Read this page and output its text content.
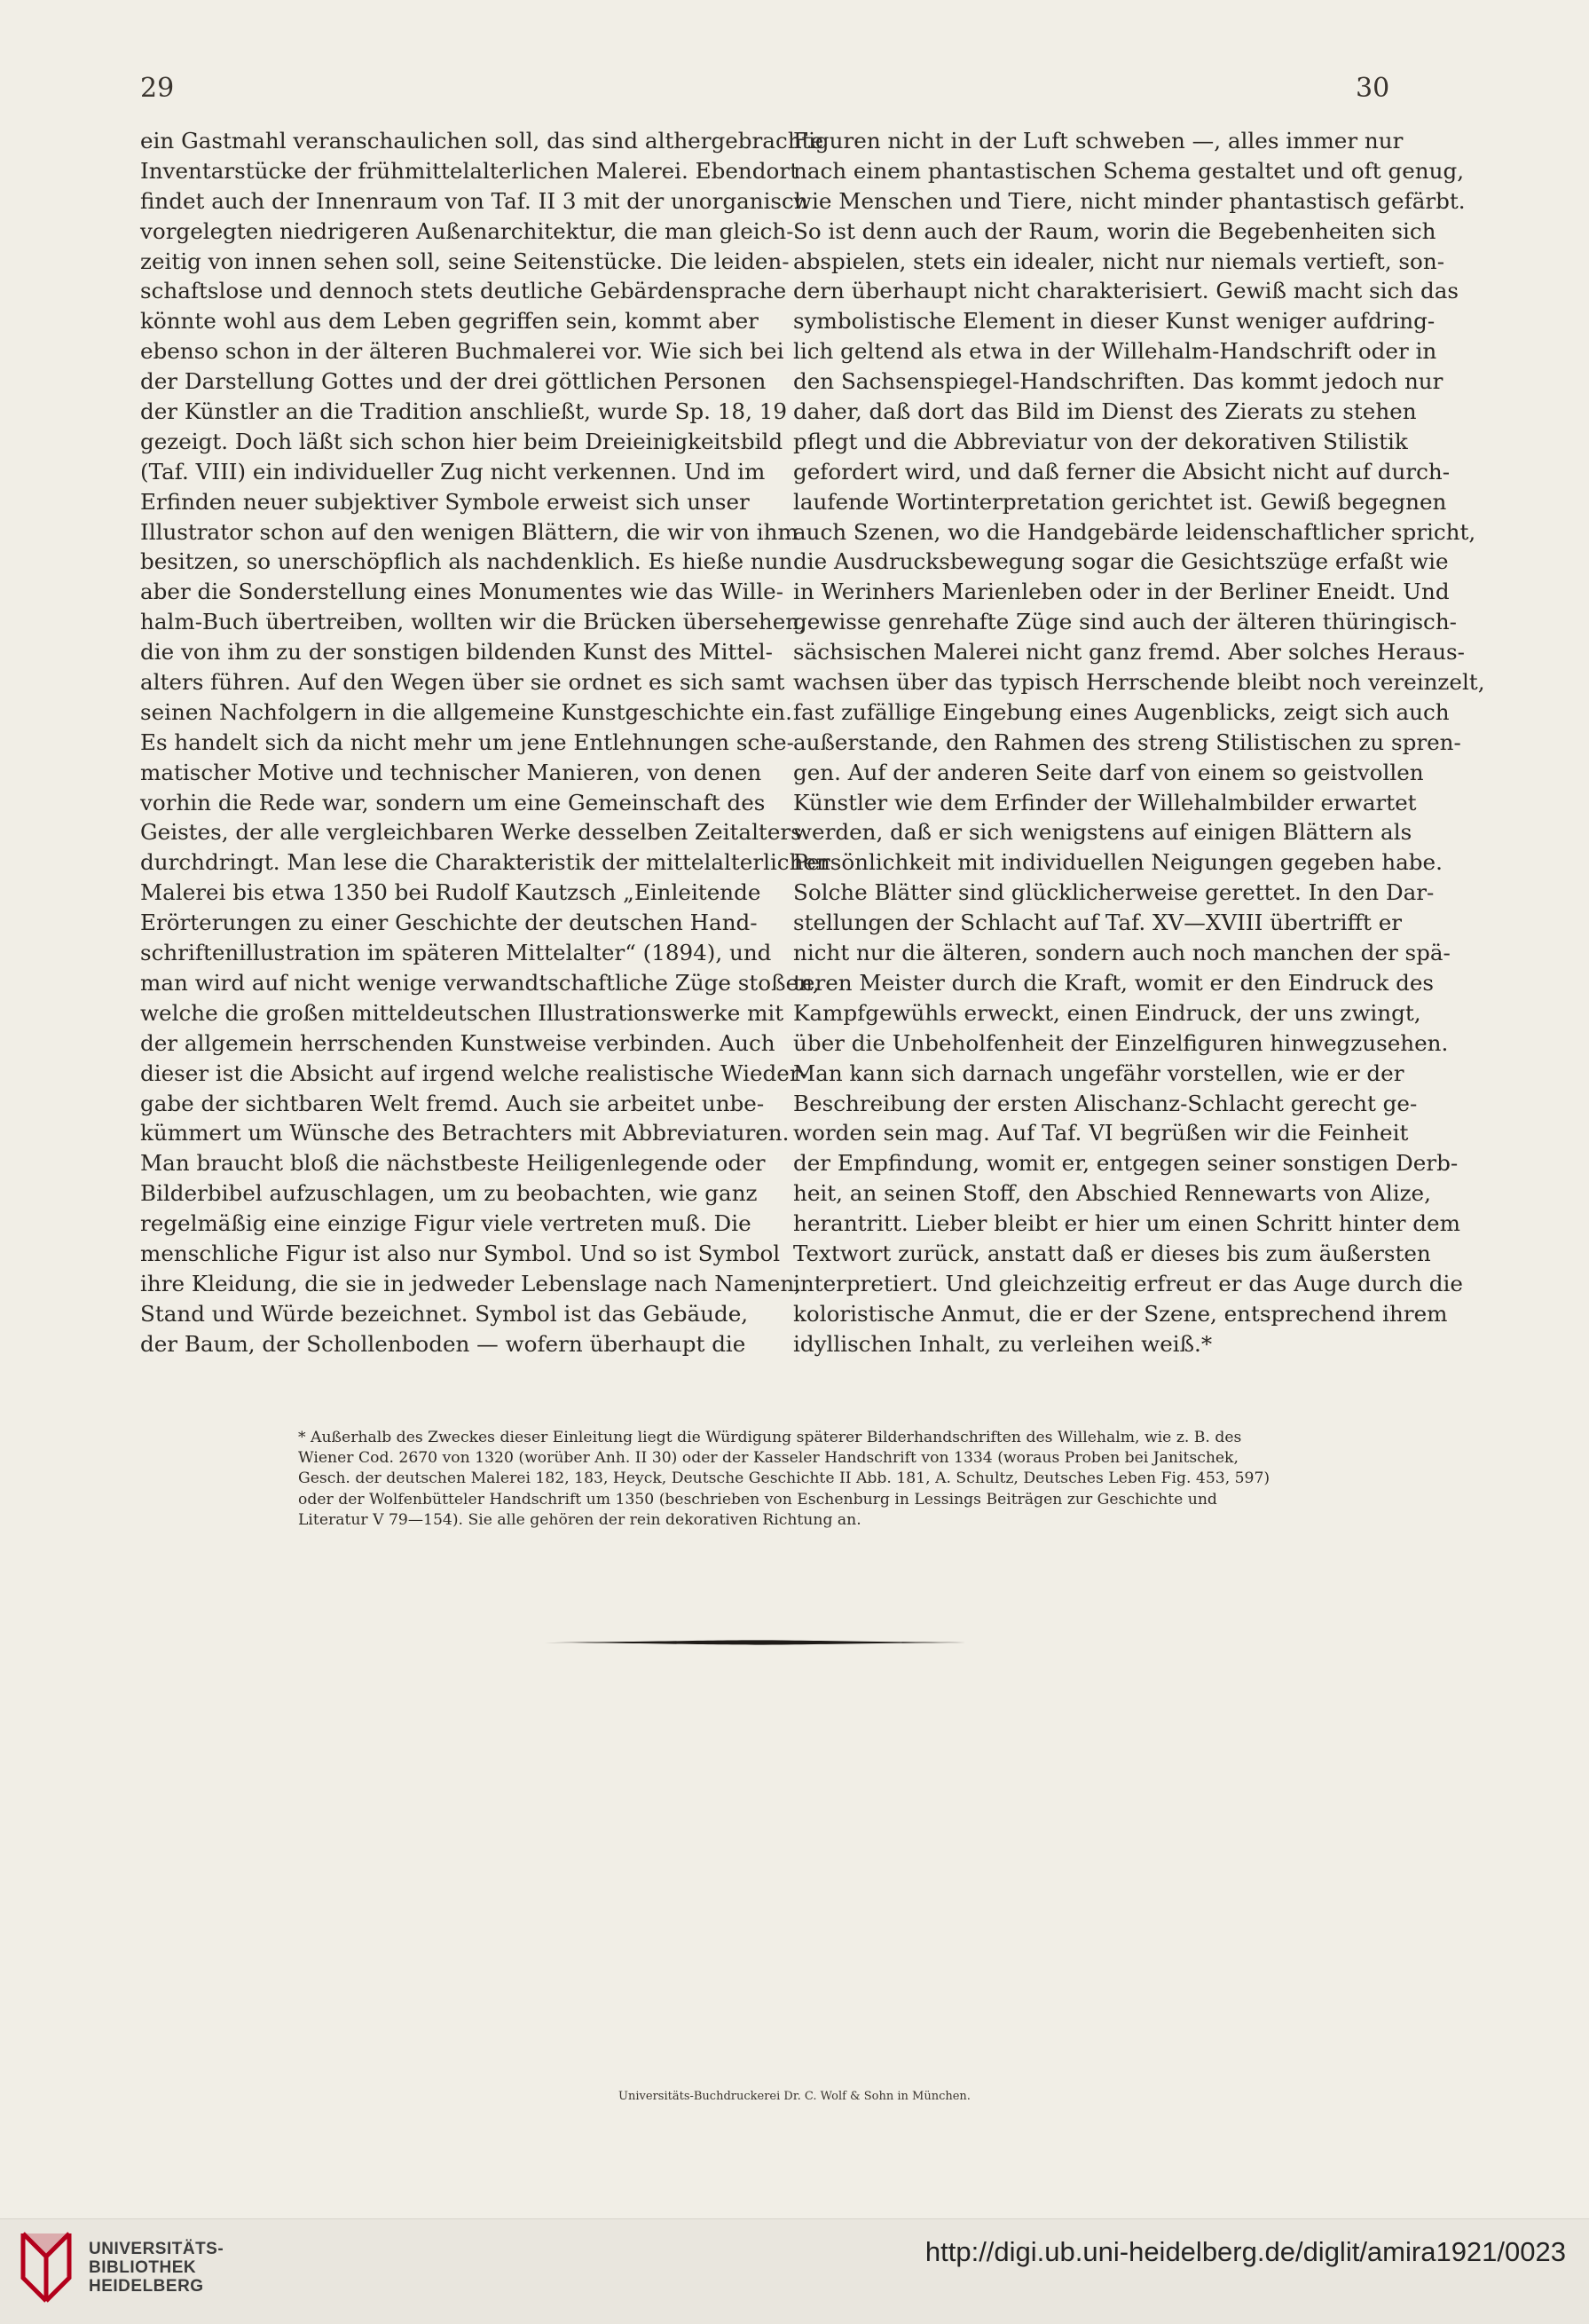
29	30
ein Gastmahl veranschaulichen soll, das sind althergebrachte
Inventarstücke der frühmittelalterlichen Malerei. Ebendort
findet auch der Innenraum von Taf. II 3 mit der unorganisch
vorgelegten niedrigeren Außenarchitektur, die man gleich-
zeitig von innen sehen soll, seine Seitenstücke. Die leiden-
schaftslose und dennoch stets deutliche Gebärdensprache
könnte wohl aus dem Leben gegriffen sein, kommt aber
ebenso schon in der älteren Buchmalerei vor. Wie sich bei
der Darstellung Gottes und der drei göttlichen Personen
der Künstler an die Tradition anschließt, wurde Sp. 18, 19
gezeigt. Doch läßt sich schon hier beim Dreieinigkeitsbild
(Taf. VIII) ein individueller Zug nicht verkennen. Und im
Erfinden neuer subjektiver Symbole erweist sich unser
Illustrator schon auf den wenigen Blättern, die wir von ihm
besitzen, so unerschöpflich als nachdenklich. Es hieße nun
aber die Sonderstellung eines Monumentes wie das Wille-
halm-Buch übertreiben, wollten wir die Brücken übersehen,
die von ihm zu der sonstigen bildenden Kunst des Mittel-
alters führen. Auf den Wegen über sie ordnet es sich samt
seinen Nachfolgern in die allgemeine Kunstgeschichte ein.
Es handelt sich da nicht mehr um jene Entlehnungen sche-
matischer Motive und technischer Manieren, von denen
vorhin die Rede war, sondern um eine Gemeinschaft des
Geistes, der alle vergleichbaren Werke desselben Zeitalters
durchdringt. Man lese die Charakteristik der mittelalterlichen
Malerei bis etwa 1350 bei Rudolf Kautzsch „Einleitende
Erörterungen zu einer Geschichte der deutschen Hand-
schriftenillustration im späteren Mittelalter“ (1894), und
man wird auf nicht wenige verwandtschaftliche Züge stoßen,
welche die großen mitteldeutschen Illustrationswerke mit
der allgemein herrschenden Kunstweise verbinden. Auch
dieser ist die Absicht auf irgend welche realistische Wieder-
gabe der sichtbaren Welt fremd. Auch sie arbeitet unbe-
kümmert um Wünsche des Betrachters mit Abbreviaturen.
Man braucht bloß die nächstbeste Heiligenlegende oder
Bilderbibel aufzuschlagen, um zu beobachten, wie ganz
regelmäßig eine einzige Figur viele vertreten muß. Die
menschliche Figur ist also nur Symbol. Und so ist Symbol
ihre Kleidung, die sie in jedweder Lebenslage nach Namen,
Stand und Würde bezeichnet. Symbol ist das Gebäude,
der Baum, der Schollenboden — wofern überhaupt die
Figuren nicht in der Luft schweben —, alles immer nur
nach einem phantastischen Schema gestaltet und oft genug,
wie Menschen und Tiere, nicht minder phantastisch gefärbt.
So ist denn auch der Raum, worin die Begebenheiten sich
abspielen, stets ein idealer, nicht nur niemals vertieft, son-
dern überhaupt nicht charakterisiert. Gewiß macht sich das
symbolistische Element in dieser Kunst weniger aufdring-
lich geltend als etwa in der Willehalm-Handschrift oder in
den Sachsenspiegel-Handschriften. Das kommt jedoch nur
daher, daß dort das Bild im Dienst des Zierats zu stehen
pflegt und die Abbreviatur von der dekorativen Stilistik
gefordert wird, und daß ferner die Absicht nicht auf durch-
laufende Wortinterpretation gerichtet ist. Gewiß begegnen
auch Szenen, wo die Handgebärde leidenschaftlicher spricht,
die Ausdrucksbewegung sogar die Gesichtszüge erfaßt wie
in Werinhers Marienleben oder in der Berliner Eneidt. Und
gewisse genrehafte Züge sind auch der älteren thüringisch-
sächsischen Malerei nicht ganz fremd. Aber solches Heraus-
wachsen über das typisch Herrschende bleibt noch vereinzelt,
fast zufällige Eingebung eines Augenblicks, zeigt sich auch
außerstande, den Rahmen des streng Stilistischen zu spren-
gen. Auf der anderen Seite darf von einem so geistvollen
Künstler wie dem Erfinder der Willehalmbilder erwartet
werden, daß er sich wenigstens auf einigen Blättern als
Persönlichkeit mit individuellen Neigungen gegeben habe.
Solche Blätter sind glücklicherweise gerettet. In den Dar-
stellungen der Schlacht auf Taf. XV—XVIII übertrifft er
nicht nur die älteren, sondern auch noch manchen der spä-
teren Meister durch die Kraft, womit er den Eindruck des
Kampfgewühls erweckt, einen Eindruck, der uns zwingt,
über die Unbeholfenheit der Einzelfiguren hinwegzusehen.
Man kann sich darnach ungefähr vorstellen, wie er der
Beschreibung der ersten Alischanz-Schlacht gerecht ge-
worden sein mag. Auf Taf. VI begrüßen wir die Feinheit
der Empfindung, womit er, entgegen seiner sonstigen Derb-
heit, an seinen Stoff, den Abschied Rennewarts von Alize,
herantritt. Lieber bleibt er hier um einen Schritt hinter dem
Textwort zurück, anstatt daß er dieses bis zum äußersten
interpretiert. Und gleichzeitig erfreut er das Auge durch die
koloristische Anmut, die er der Szene, entsprechend ihrem
idyllischen Inhalt, zu verleihen weiß.*
* Außerhalb des Zweckes dieser Einleitung liegt die Würdigung späterer Bilderhandschriften des Willehalm, wie z. B. des
Wiener Cod. 2670 von 1320 (worüber Anh. II 30) oder der Kasseler Handschrift von 1334 (woraus Proben bei Janitschek,
Gesch. der deutschen Malerei 182, 183, Heyck, Deutsche Geschichte II Abb. 181, A. Schultz, Deutsches Leben Fig. 453, 597)
oder der Wolfenbütteler Handschrift um 1350 (beschrieben von Eschenburg in Lessings Beiträgen zur Geschichte und
Literatur V 79—154). Sie alle gehören der rein dekorativen Richtung an.
Universitäts-Buchdruckerei Dr. C. Wolf & Sohn in München.
UNIVERSITÄTS-
BIBLIOTHEK
HEIDELBERG
http://digi.ub.uni-heidelberg.de/diglit/amira1921/0023
